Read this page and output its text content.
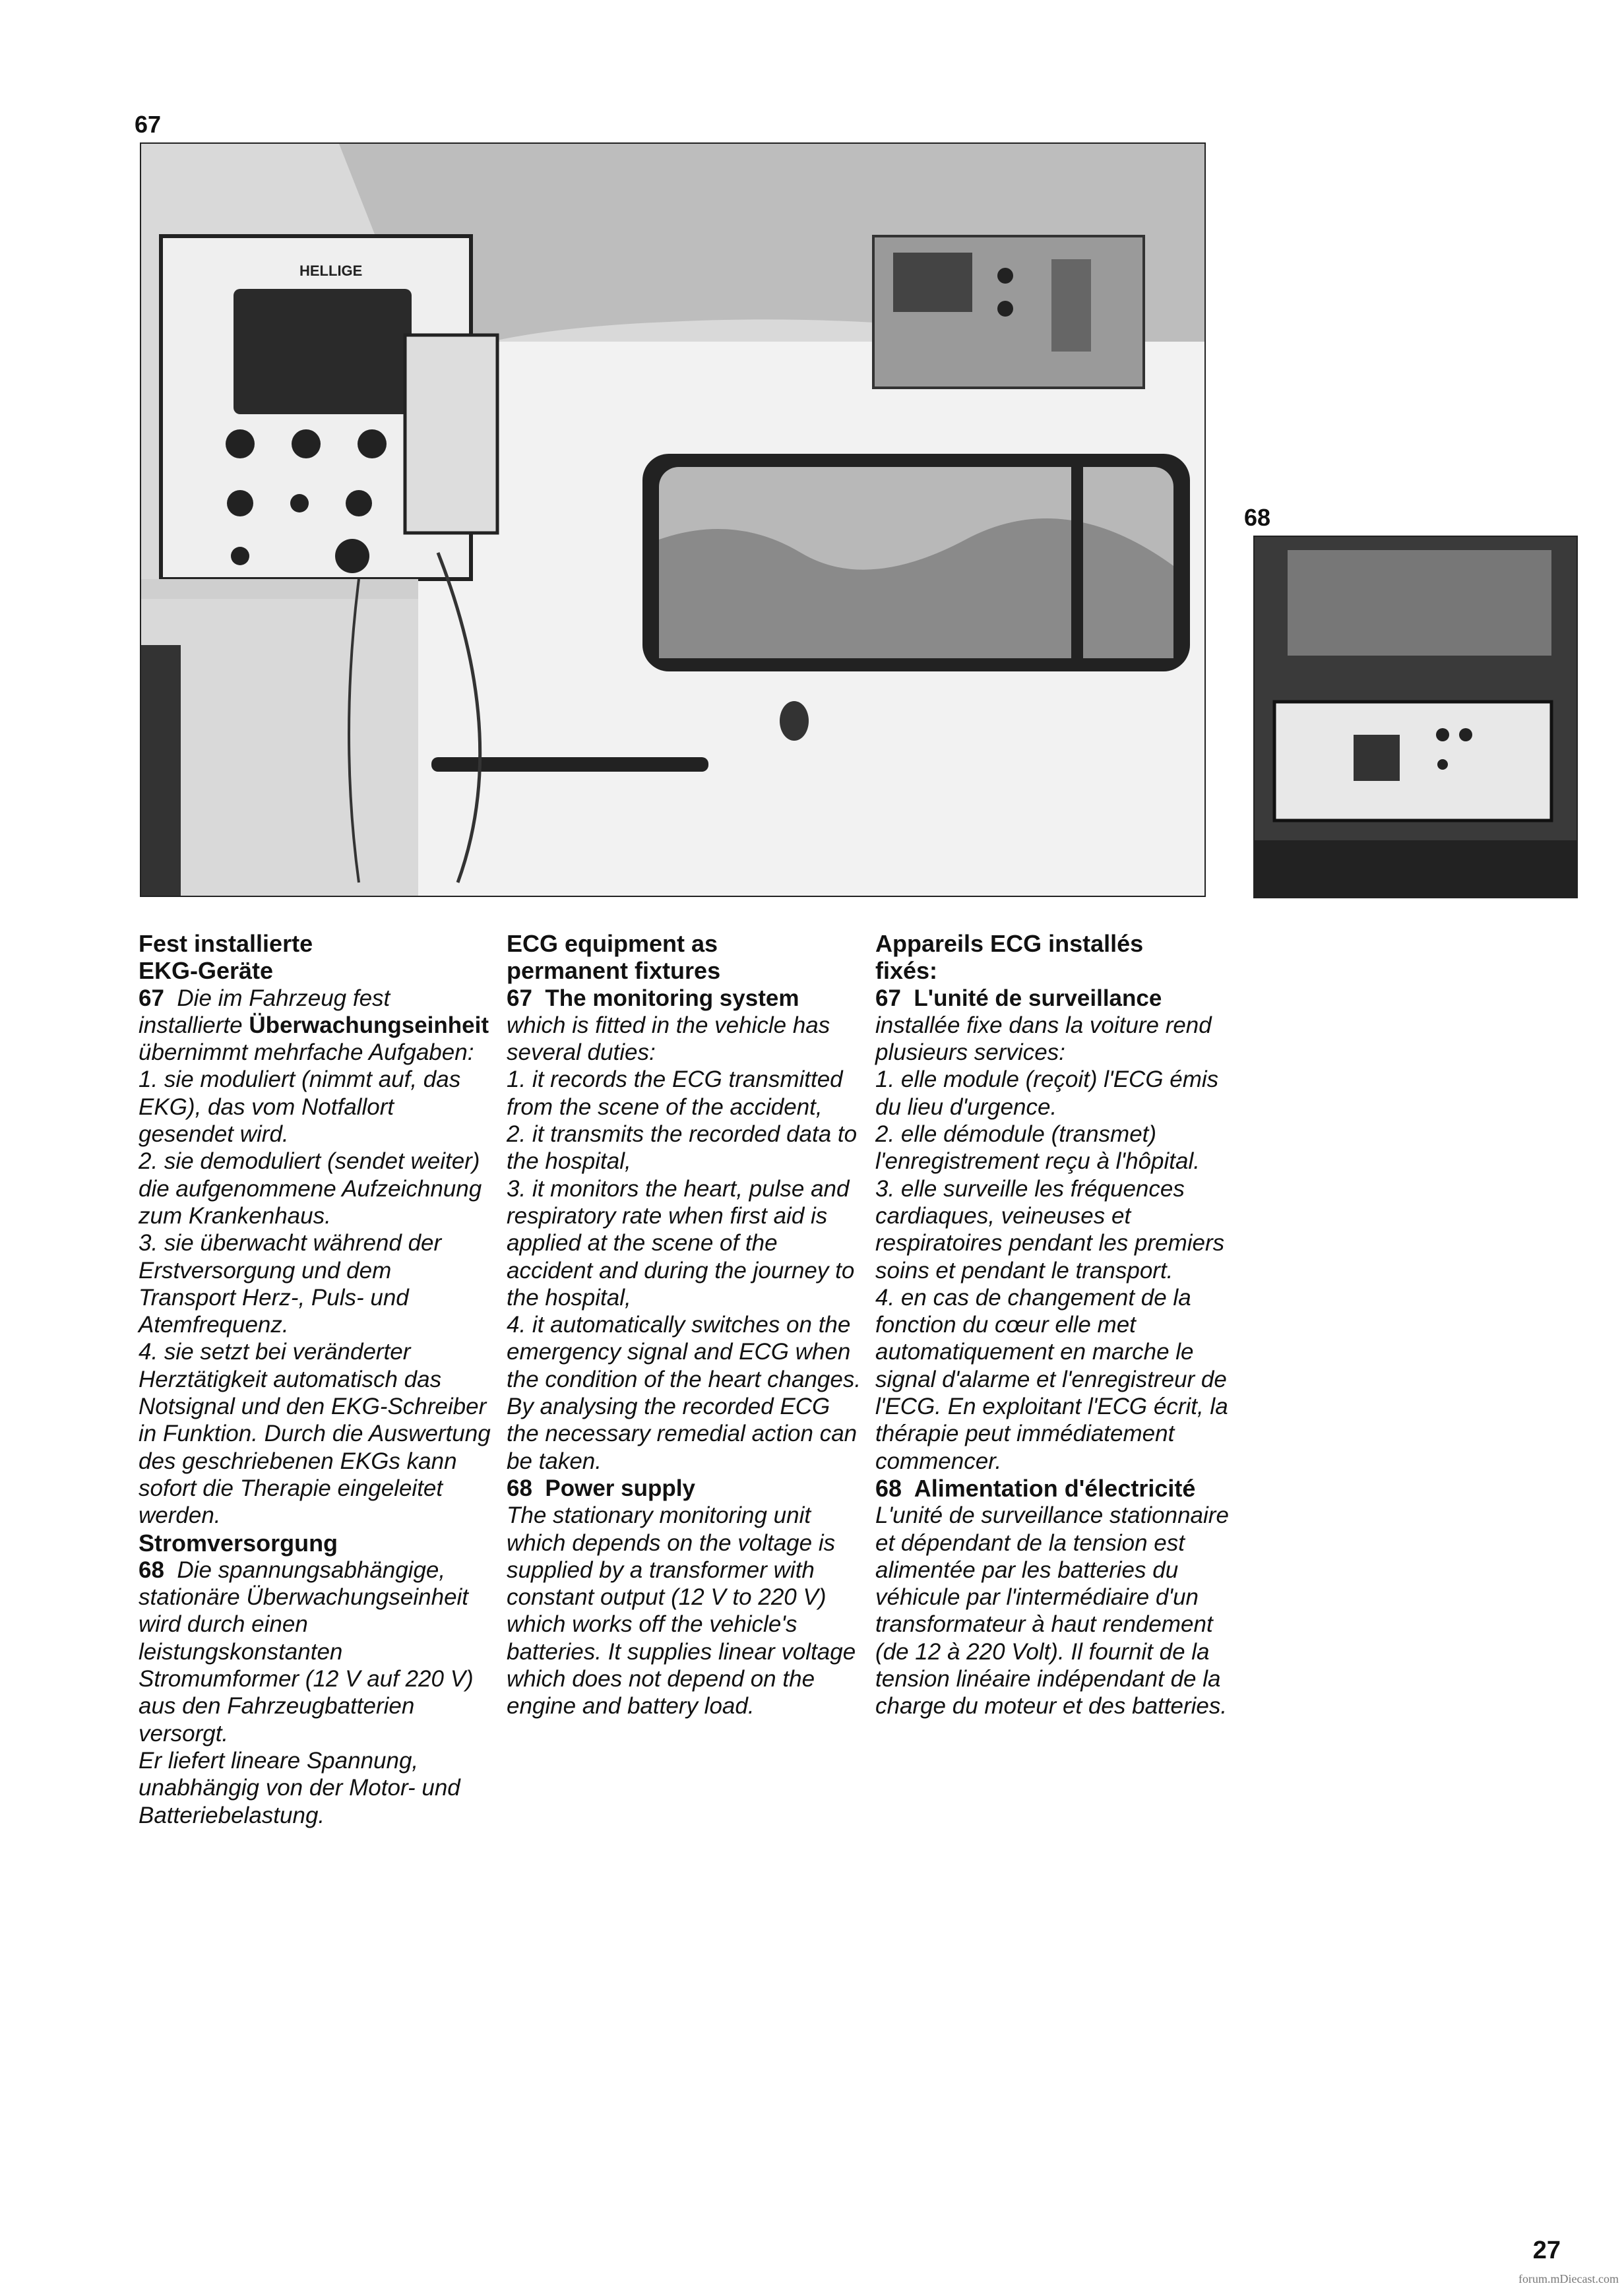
67
HELLIGE
68

Fest installierte

EKG-Geräte

67 Die im Fahrzeug fest installierte Überwachungseinheit übernimmt mehrfache Aufgaben:

1. sie moduliert (nimmt auf, das EKG), das vom Notfallort gesendet wird.

2. sie demoduliert (sendet weiter) die aufgenommene Aufzeichnung zum Krankenhaus.

3. sie überwacht während der Erstversorgung und dem Transport Herz-, Puls- und Atemfrequenz.

4. sie setzt bei veränderter Herztätigkeit automatisch das Notsignal und den EKG-Schreiber in Funktion. Durch die Auswertung des geschriebenen EKGs kann sofort die Therapie eingeleitet werden.

Stromversorgung

68 Die spannungsabhängige, stationäre Überwachungseinheit wird durch einen leistungskonstanten Stromumformer (12 V auf 220 V) aus den Fahrzeugbatterien versorgt.

Er liefert lineare Spannung, unabhängig von der Motor- und Batteriebelastung.

ECG equipment as

permanent fixtures

67 The monitoring system which is fitted in the vehicle has several duties:

1. it records the ECG transmitted from the scene of the accident,

2. it transmits the recorded data to the hospital,

3. it monitors the heart, pulse and respiratory rate when first aid is applied at the scene of the accident and during the journey to the hospital,

4. it automatically switches on the emergency signal and ECG when the condition of the heart changes. By analysing the recorded ECG the necessary remedial action can be taken.

68 Power supply

The stationary monitoring unit which depends on the voltage is supplied by a transformer with constant output (12 V to 220 V) which works off the vehicle's batteries. It supplies linear voltage which does not depend on the engine and battery load.

Appareils ECG installés

fixés:

67 L'unité de surveillance installée fixe dans la voiture rend plusieurs services:

1. elle module (reçoit) l'ECG émis du lieu d'urgence.

2. elle démodule (transmet) l'enregistrement reçu à l'hôpital.

3. elle surveille les fréquences cardiaques, veineuses et respiratoires pendant les premiers soins et pendant le transport.

4. en cas de changement de la fonction du cœur elle met automatiquement en marche le signal d'alarme et l'enregistreur de l'ECG. En exploitant l'ECG écrit, la thérapie peut immédiatement commencer.

68 Alimentation d'électricité

L'unité de surveillance stationnaire et dépendant de la tension est alimentée par les batteries du véhicule par l'intermédiaire d'un transformateur à haut rendement (de 12 à 220 Volt). Il fournit de la tension linéaire indépendant de la charge du moteur et des batteries.

27
forum.mDiecast.com
